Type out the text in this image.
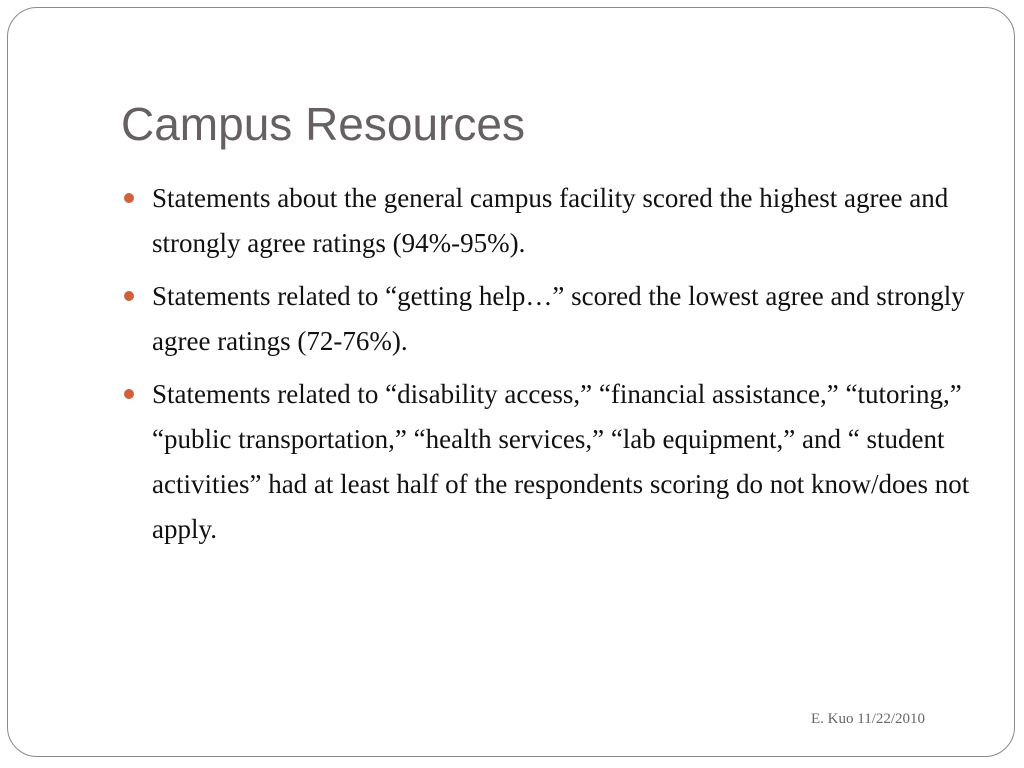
Campus Resources
Statements about the general campus facility scored the highest agree and strongly agree ratings (94%-95%).
Statements related to “getting help…” scored the lowest agree and strongly agree ratings (72-76%).
Statements related to “disability access,” “financial assistance,” “tutoring,” “public transportation,” “health services,” “lab equipment,” and “ student activities” had at least half of the respondents scoring do not know/does not apply.
E. Kuo 11/22/2010
